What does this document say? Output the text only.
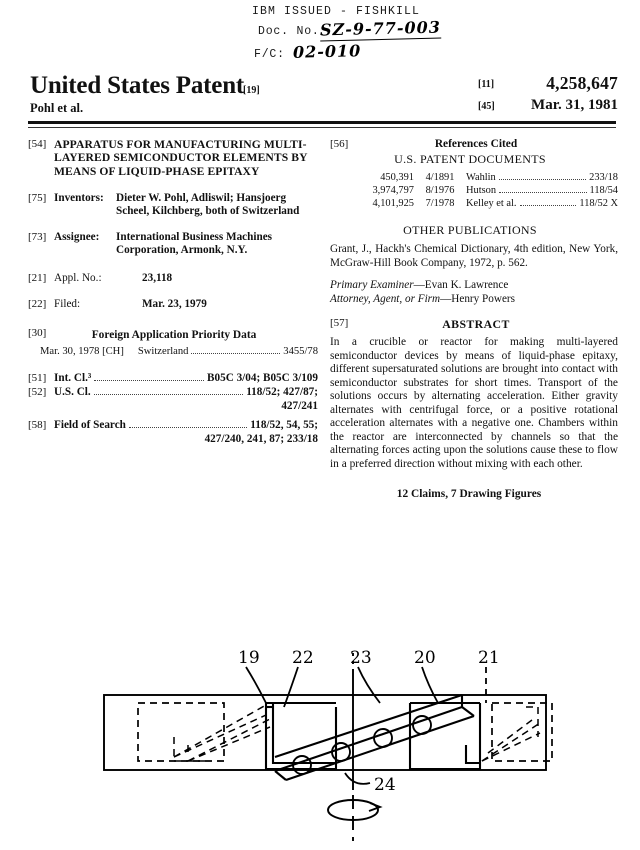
IBM ISSUED - FISHKILL
Doc. No. SZ-9-77-003
F/C: 02-010
United States Patent
[19]
Pohl et al.
[11]	4,258,647
[45] Mar. 31, 1981
[54] APPARATUS FOR MANUFACTURING MULTI-LAYERED SEMICONDUCTOR ELEMENTS BY MEANS OF LIQUID-PHASE EPITAXY
[75] Inventors:	Dieter W. Pohl, Adliswil; Hansjoerg Scheel, Kilchberg, both of Switzerland
[73] Assignee:	International Business Machines Corporation, Armonk, N.Y.
[21] Appl. No.:	23,118
[22] Filed:	Mar. 23, 1979
[30]	Foreign Application Priority Data
Mar. 30, 1978 [CH] Switzerland	3455/78
[51] Int. Cl.³	B05C 3/04; B05C 3/109
[52] U.S. Cl.	118/52; 427/87;
427/241
[58] Field of Search	118/52, 54, 55;
427/240, 241, 87; 233/18
[56]	References Cited
U.S. PATENT DOCUMENTS
450,391	4/1891	Wahlin	233/18
3,974,797	8/1976	Hutson	118/54
4,101,925	7/1978	Kelley et al.	118/52 X
OTHER PUBLICATIONS
Grant, J., Hackh's Chemical Dictionary, 4th edition, New York, McGraw-Hill Book Company, 1972, p. 562.
Primary Examiner—Evan K. Lawrence
Attorney, Agent, or Firm—Henry Powers
[57]	ABSTRACT
In a crucible or reactor for making multi-layered semiconductor devices by means of liquid-phase epitaxy, different supersaturated solutions are brought into contact with semiconductor substrates for short times. Transport of the solutions occurs by alternating acceleration. Either gravity alternates with centrifugal force, or a positive rotational acceleration alternates with a negative one. Chambers within the reactor are interconnected by channels so that the alternating forces acting upon the solutions cause these to flow in a preferred direction without mixing with each other.
12 Claims, 7 Drawing Figures
19 22 23 20 21
24
